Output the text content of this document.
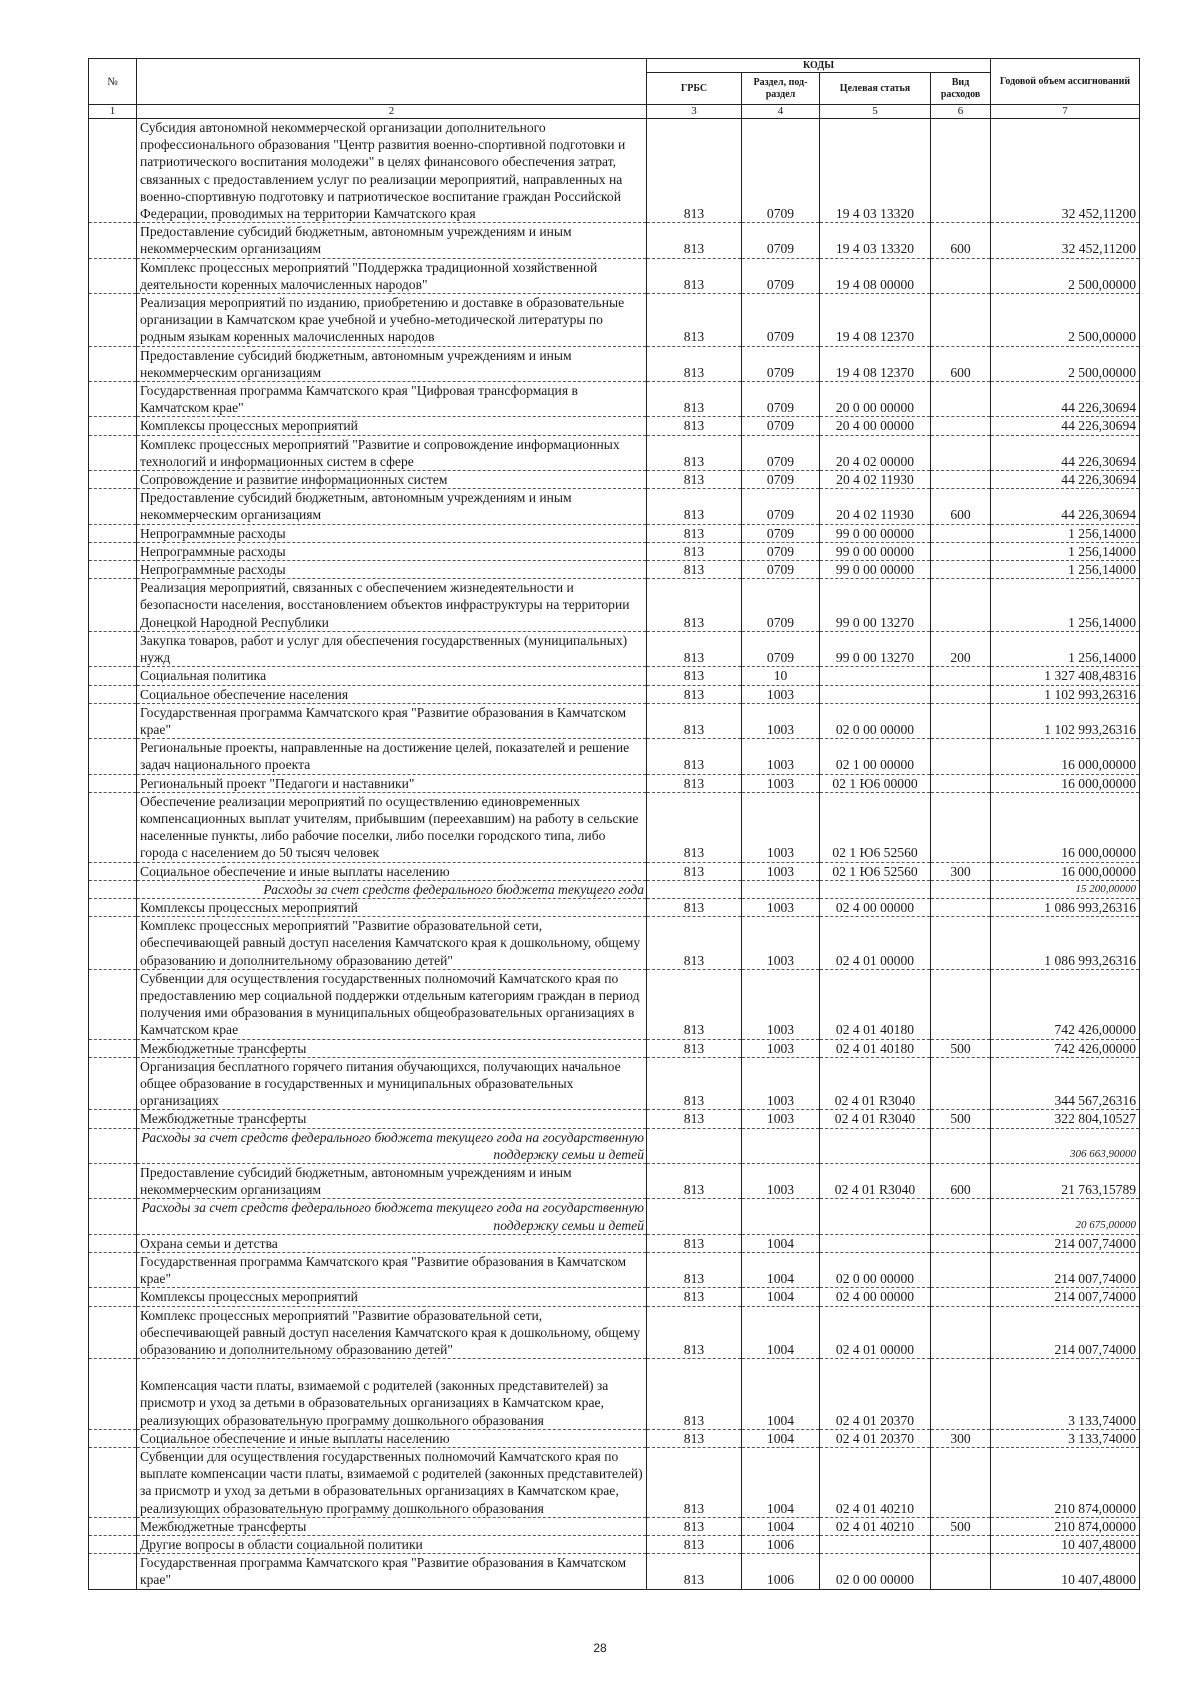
№		КОДЫ				Годовой объем ассигнований
		ГРБС	Раздел, под-раздел	Целевая статья	Вид расходов	
1	2	3	4	5	6	7
	Субсидия автономной некоммерческой организации дополнительного профессионального образования "Центр развития военно-спортивной подготовки и патриотического воспитания молодежи" в целях финансового обеспечения затрат, связанных с предоставлением услуг по реализации мероприятий, направленных на военно-спортивную подготовку и патриотическое воспитание граждан Российской Федерации, проводимых на территории Камчатского края	813	0709	19 4 03 13320		32 452,11200
	Предоставление субсидий бюджетным, автономным учреждениям и иным некоммерческим организациям	813	0709	19 4 03 13320	600	32 452,11200
	Комплекс процессных мероприятий "Поддержка традиционной хозяйственной деятельности коренных малочисленных народов"	813	0709	19 4 08 00000		2 500,00000
	Реализация мероприятий по изданию, приобретению и доставке в образовательные организации в Камчатском крае учебной и учебно-методической литературы по родным языкам коренных малочисленных народов	813	0709	19 4 08 12370		2 500,00000
	Предоставление субсидий бюджетным, автономным учреждениям и иным некоммерческим организациям	813	0709	19 4 08 12370	600	2 500,00000
	Государственная программа Камчатского края "Цифровая трансформация в Камчатском крае"	813	0709	20 0 00 00000		44 226,30694
	Комплексы процессных мероприятий	813	0709	20 4 00 00000		44 226,30694
	Комплекс процессных мероприятий "Развитие и сопровождение информационных технологий и информационных систем в сфере	813	0709	20 4 02 00000		44 226,30694
	Сопровождение и развитие информационных систем	813	0709	20 4 02 11930		44 226,30694
	Предоставление субсидий бюджетным, автономным учреждениям и иным некоммерческим организациям	813	0709	20 4 02 11930	600	44 226,30694
	Непрограммные расходы	813	0709	99 0 00 00000		1 256,14000
	Непрограммные расходы	813	0709	99 0 00 00000		1 256,14000
	Непрограммные расходы	813	0709	99 0 00 00000		1 256,14000
	Реализация мероприятий, связанных с обеспечением жизнедеятельности и безопасности населения, восстановлением объектов инфраструктуры на территории Донецкой Народной Республики	813	0709	99 0 00 13270		1 256,14000
	Закупка товаров, работ и услуг для обеспечения государственных (муниципальных) нужд	813	0709	99 0 00 13270	200	1 256,14000
	Социальная политика	813	10			1 327 408,48316
	Социальное обеспечение населения	813	1003			1 102 993,26316
	Государственная программа Камчатского края "Развитие образования в Камчатском крае"	813	1003	02 0 00 00000		1 102 993,26316
	Региональные проекты, направленные на достижение целей, показателей и решение задач национального проекта	813	1003	02 1 00 00000		16 000,00000
	Региональный проект "Педагоги и наставники"	813	1003	02 1 Ю6 00000		16 000,00000
	Обеспечение реализации мероприятий по осуществлению единовременных компенсационных выплат учителям, прибывшим (переехавшим) на работу в сельские населенные пункты, либо рабочие поселки, либо поселки городского типа, либо города с населением до 50 тысяч человек	813	1003	02 1 Ю6 52560		16 000,00000
	Социальное обеспечение и иные выплаты населению	813	1003	02 1 Ю6 52560	300	16 000,00000
	Расходы за счет средств федерального бюджета текущего года					15 200,00000
	Комплексы процессных мероприятий	813	1003	02 4 00 00000		1 086 993,26316
	Комплекс процессных мероприятий "Развитие образовательной сети, обеспечивающей равный доступ населения Камчатского края к дошкольному, общему образованию и дополнительному образованию детей"	813	1003	02 4 01 00000		1 086 993,26316
	Субвенции для осуществления государственных полномочий Камчатского края по предоставлению мер социальной поддержки отдельным категориям граждан в период получения ими образования в муниципальных общеобразовательных организациях в Камчатском крае	813	1003	02 4 01 40180		742 426,00000
	Межбюджетные трансферты	813	1003	02 4 01 40180	500	742 426,00000
	Организация бесплатного горячего питания обучающихся, получающих начальное общее образование в государственных и муниципальных образовательных организациях	813	1003	02 4 01 R3040		344 567,26316
	Межбюджетные трансферты	813	1003	02 4 01 R3040	500	322 804,10527
	Расходы за счет средств федерального бюджета текущего года на государственную поддержку семьи и детей					306 663,90000
	Предоставление субсидий бюджетным, автономным учреждениям и иным некоммерческим организациям	813	1003	02 4 01 R3040	600	21 763,15789
	Расходы за счет средств федерального бюджета текущего года на государственную поддержку семьи и детей					20 675,00000
	Охрана семьи и детства	813	1004			214 007,74000
	Государственная программа Камчатского края "Развитие образования в Камчатском крае"	813	1004	02 0 00 00000		214 007,74000
	Комплексы процессных мероприятий	813	1004	02 4 00 00000		214 007,74000
	Комплекс процессных мероприятий "Развитие образовательной сети, обеспечивающей равный доступ населения Камчатского края к дошкольному, общему образованию и дополнительному образованию детей"	813	1004	02 4 01 00000		214 007,74000
	Компенсация части платы, взимаемой с родителей (законных представителей) за присмотр и уход за детьми в образовательных организациях в Камчатском крае, реализующих образовательную программу дошкольного образования	813	1004	02 4 01 20370		3 133,74000
	Социальное обеспечение и иные выплаты населению	813	1004	02 4 01 20370	300	3 133,74000
	Субвенции для осуществления государственных полномочий Камчатского края по выплате компенсации части платы, взимаемой с родителей (законных представителей) за присмотр и уход за детьми в образовательных организациях в Камчатском крае, реализующих образовательную программу дошкольного образования	813	1004	02 4 01 40210		210 874,00000
	Межбюджетные трансферты	813	1004	02 4 01 40210	500	210 874,00000
	Другие вопросы в области социальной политики	813	1006			10 407,48000
	Государственная программа Камчатского края "Развитие образования в Камчатском крае"	813	1006	02 0 00 00000		10 407,48000
28
